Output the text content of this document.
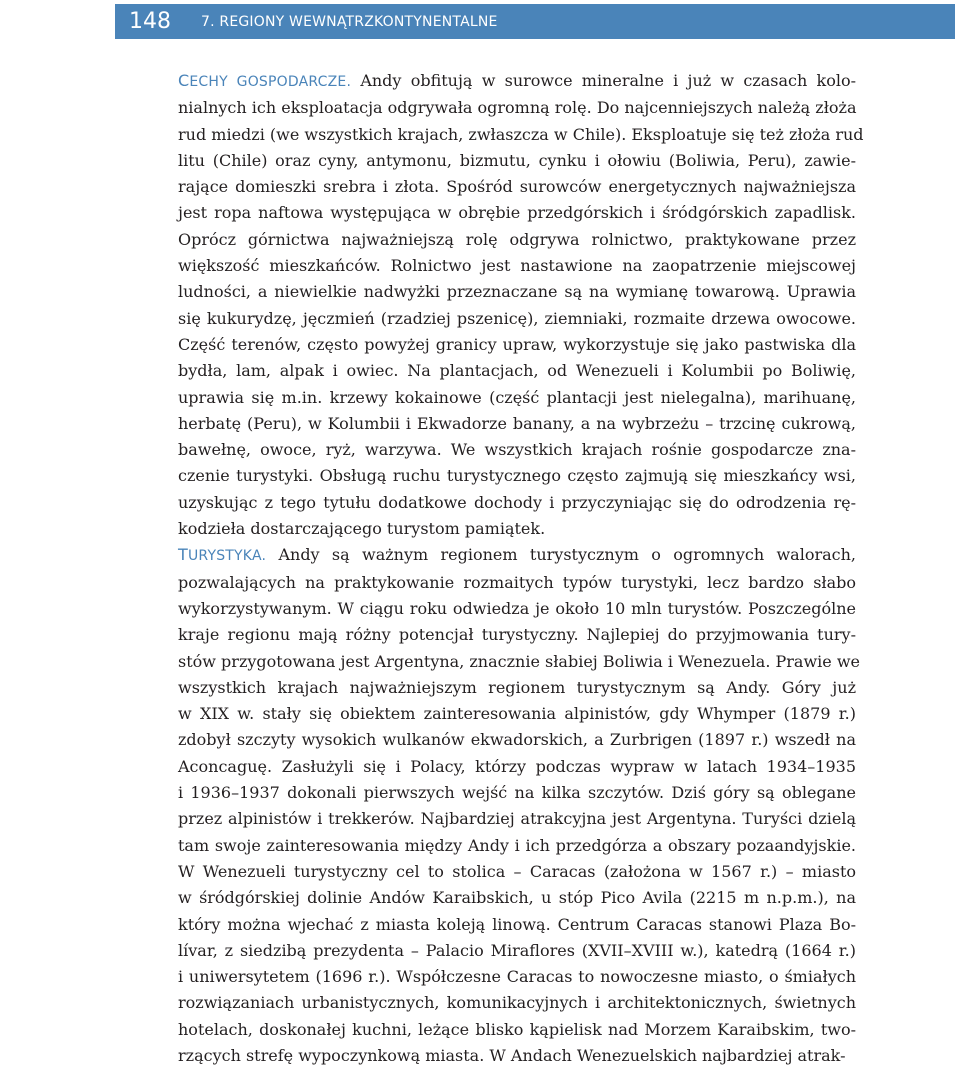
148	7. REGIONY WEWNĄTRZKONTYNENTALNE

CECHY GOSPODARCZE. Andy obfitują w surowce mineralne i już w czasach kolo-
nialnych ich eksploatacja odgrywała ogromną rolę. Do najcenniejszych należą złoża
rud miedzi (we wszystkich krajach, zwłaszcza w Chile). Eksploatuje się też złoża rud
litu (Chile) oraz cyny, antymonu, bizmutu, cynku i ołowiu (Boliwia, Peru), zawie-
rające domieszki srebra i złota. Spośród surowców energetycznych najważniejsza
jest ropa naftowa występująca w obrębie przedgórskich i śródgórskich zapadlisk.
Oprócz górnictwa najważniejszą rolę odgrywa rolnictwo, praktykowane przez
większość mieszkańców. Rolnictwo jest nastawione na zaopatrzenie miejscowej
ludności, a niewielkie nadwyżki przeznaczane są na wymianę towarową. Uprawia
się kukurydzę, jęczmień (rzadziej pszenicę), ziemniaki, rozmaite drzewa owocowe.
Część terenów, często powyżej granicy upraw, wykorzystuje się jako pastwiska dla
bydła, lam, alpak i owiec. Na plantacjach, od Wenezueli i Kolumbii po Boliwię,
uprawia się m.in. krzewy kokainowe (część plantacji jest nielegalna), marihuanę,
herbatę (Peru), w Kolumbii i Ekwadorze banany, a na wybrzeżu – trzcinę cukrową,
bawełnę, owoce, ryż, warzywa. We wszystkich krajach rośnie gospodarcze zna-
czenie turystyki. Obsługą ruchu turystycznego często zajmują się mieszkańcy wsi,
uzyskując z tego tytułu dodatkowe dochody i przyczyniając się do odrodzenia rę-
kodzieła dostarczającego turystom pamiątek.

TURYSTYKA. Andy są ważnym regionem turystycznym o ogromnych walorach,
pozwalających na praktykowanie rozmaitych typów turystyki, lecz bardzo słabo
wykorzystywanym. W ciągu roku odwiedza je około 10 mln turystów. Poszczególne
kraje regionu mają różny potencjał turystyczny. Najlepiej do przyjmowania tury-
stów przygotowana jest Argentyna, znacznie słabiej Boliwia i Wenezuela. Prawie we
wszystkich krajach najważniejszym regionem turystycznym są Andy. Góry już
w XIX w. stały się obiektem zainteresowania alpinistów, gdy Whymper (1879 r.)
zdobył szczyty wysokich wulkanów ekwadorskich, a Zurbrigen (1897 r.) wszedł na
Aconcaguę. Zasłużyli się i Polacy, którzy podczas wypraw w latach 1934–1935
i 1936–1937 dokonali pierwszych wejść na kilka szczytów. Dziś góry są oblegane
przez alpinistów i trekkerów. Najbardziej atrakcyjna jest Argentyna. Turyści dzielą
tam swoje zainteresowania między Andy i ich przedgórza a obszary pozaandyjskie.
W Wenezueli turystyczny cel to stolica – Caracas (założona w 1567 r.) – miasto
w śródgórskiej dolinie Andów Karaibskich, u stóp Pico Avila (2215 m n.p.m.), na
który można wjechać z miasta koleją linową. Centrum Caracas stanowi Plaza Bo-
lívar, z siedzibą prezydenta – Palacio Miraflores (XVII–XVIII w.), katedrą (1664 r.)
i uniwersytetem (1696 r.). Współczesne Caracas to nowoczesne miasto, o śmiałych
rozwiązaniach urbanistycznych, komunikacyjnych i architektonicznych, świetnych
hotelach, doskonałej kuchni, leżące blisko kąpielisk nad Morzem Karaibskim, two-
rzących strefę wypoczynkową miasta. W Andach Wenezuelskich najbardziej atrak-
